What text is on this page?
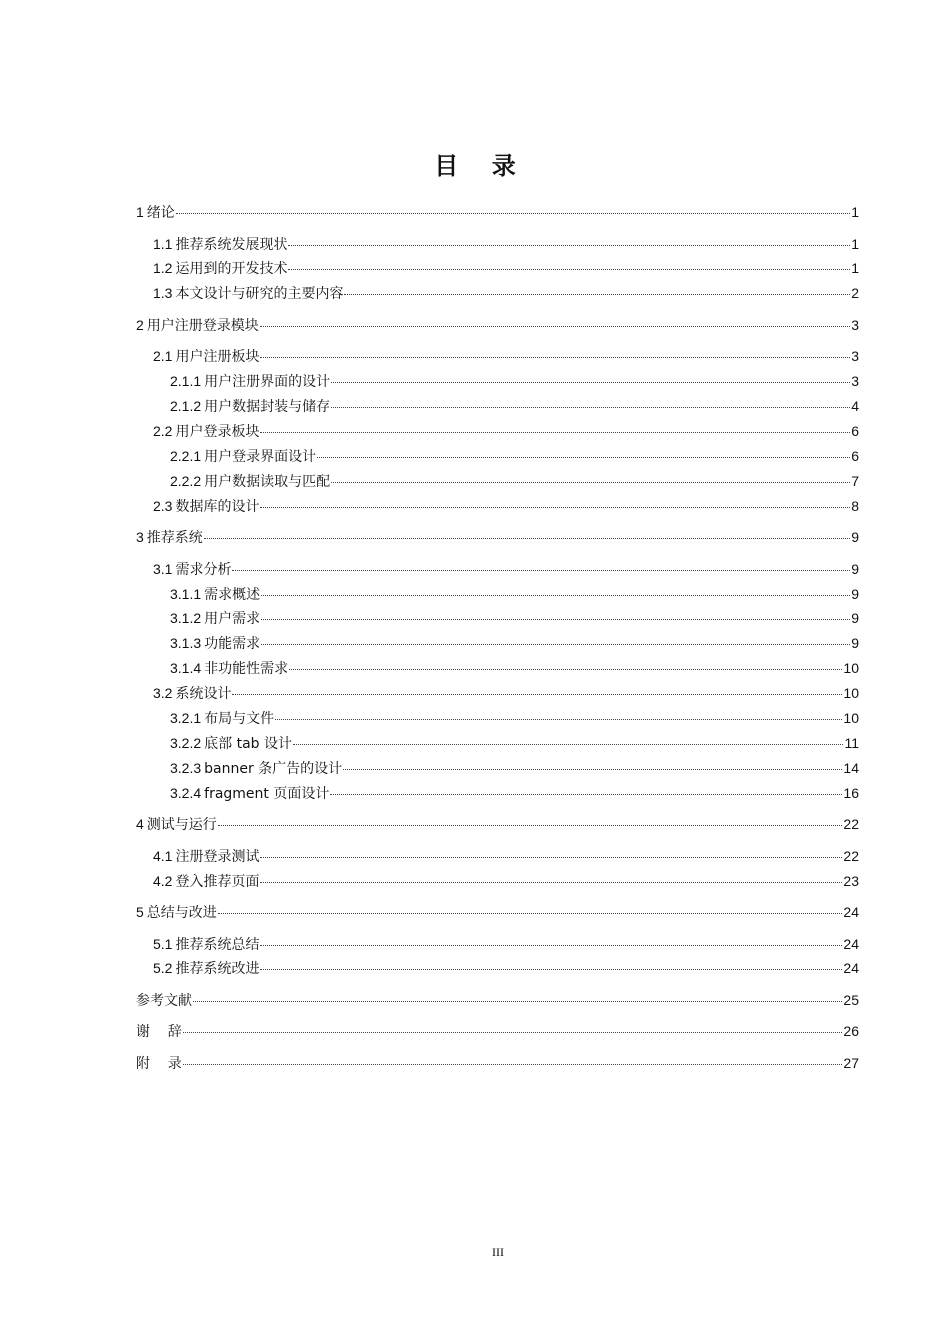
目    录
1 绪论	1
1.1 推荐系统发展现状	1
1.2 运用到的开发技术	1
1.3 本文设计与研究的主要内容	2
2 用户注册登录模块	3
2.1 用户注册板块	3
2.1.1 用户注册界面的设计	3
2.1.2 用户数据封装与储存	4
2.2 用户登录板块	6
2.2.1 用户登录界面设计	6
2.2.2 用户数据读取与匹配	7
2.3 数据库的设计	8
3 推荐系统	9
3.1 需求分析	9
3.1.1 需求概述	9
3.1.2 用户需求	9
3.1.3 功能需求	9
3.1.4 非功能性需求	10
3.2 系统设计	10
3.2.1 布局与文件	10
3.2.2 底部 tab 设计	11
3.2.3 banner 条广告的设计	14
3.2.4 fragment 页面设计	16
4 测试与运行	22
4.1 注册登录测试	22
4.2 登入推荐页面	23
5 总结与改进	24
5.1 推荐系统总结	24
5.2 推荐系统改进	24
参考文献	25
谢    辞	26
附    录	27
III
